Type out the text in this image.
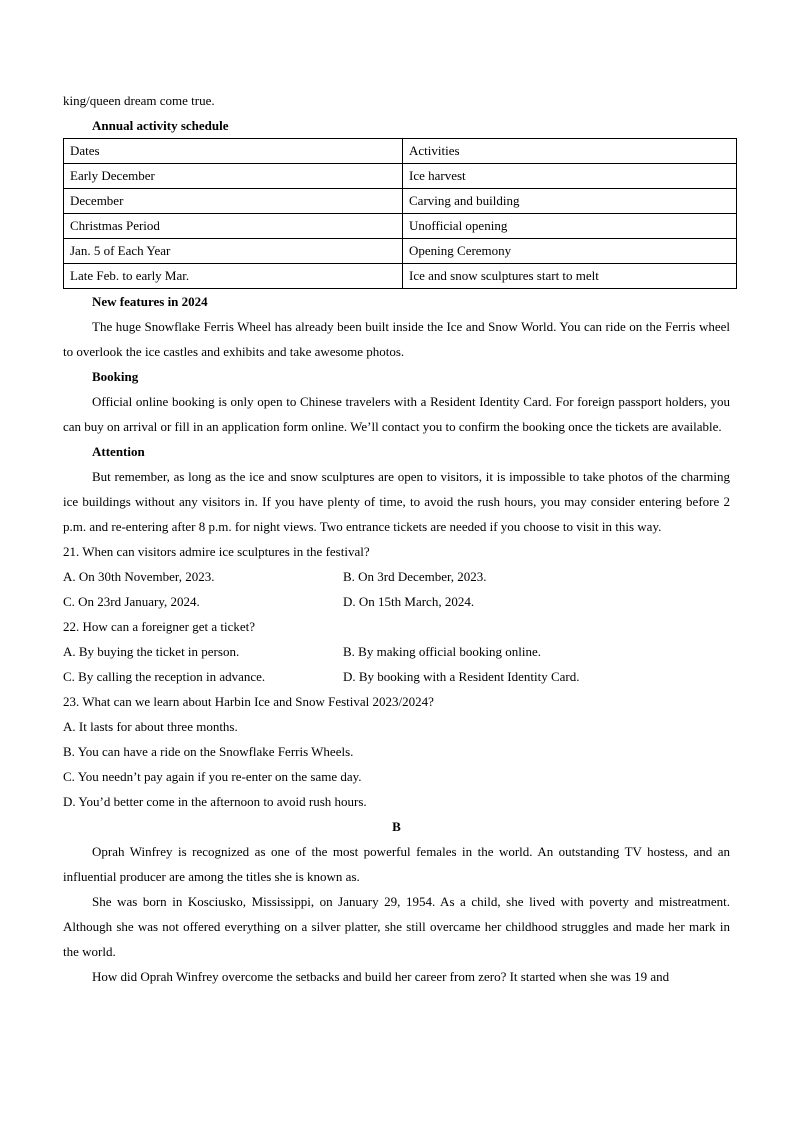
king/queen dream come true.

Annual activity schedule

Dates	Activities
Early December	Ice harvest
December	Carving and building
Christmas Period	Unofficial opening
Jan. 5 of Each Year	Opening Ceremony
Late Feb. to early Mar.	Ice and snow sculptures start to melt

New features in 2024

The huge Snowflake Ferris Wheel has already been built inside the Ice and Snow World. You can ride on the Ferris wheel to overlook the ice castles and exhibits and take awesome photos.

Booking

Official online booking is only open to Chinese travelers with a Resident Identity Card. For foreign passport holders, you can buy on arrival or fill in an application form online. We’ll contact you to confirm the booking once the tickets are available.

Attention

But remember, as long as the ice and snow sculptures are open to visitors, it is impossible to take photos of the charming ice buildings without any visitors in. If you have plenty of time, to avoid the rush hours, you may consider entering before 2 p.m. and re-entering after 8 p.m. for night views. Two entrance tickets are needed if you choose to visit in this way.

21. When can visitors admire ice sculptures in the festival?

A. On 30th November, 2023.	B. On 3rd December, 2023.
C. On 23rd January, 2024.	D. On 15th March, 2024.

22. How can a foreigner get a ticket?

A. By buying the ticket in person.	B. By making official booking online.
C. By calling the reception in advance.	D. By booking with a Resident Identity Card.

23. What can we learn about Harbin Ice and Snow Festival 2023/2024?

A. It lasts for about three months.

B. You can have a ride on the Snowflake Ferris Wheels.

C. You needn’t pay again if you re-enter on the same day.

D. You’d better come in the afternoon to avoid rush hours.

B

Oprah Winfrey is recognized as one of the most powerful females in the world. An outstanding TV hostess, and an influential producer are among the titles she is known as.

She was born in Kosciusko, Mississippi, on January 29, 1954. As a child, she lived with poverty and mistreatment. Although she was not offered everything on a silver platter, she still overcame her childhood struggles and made her mark in the world.

How did Oprah Winfrey overcome the setbacks and build her career from zero? It started when she was 19 and
